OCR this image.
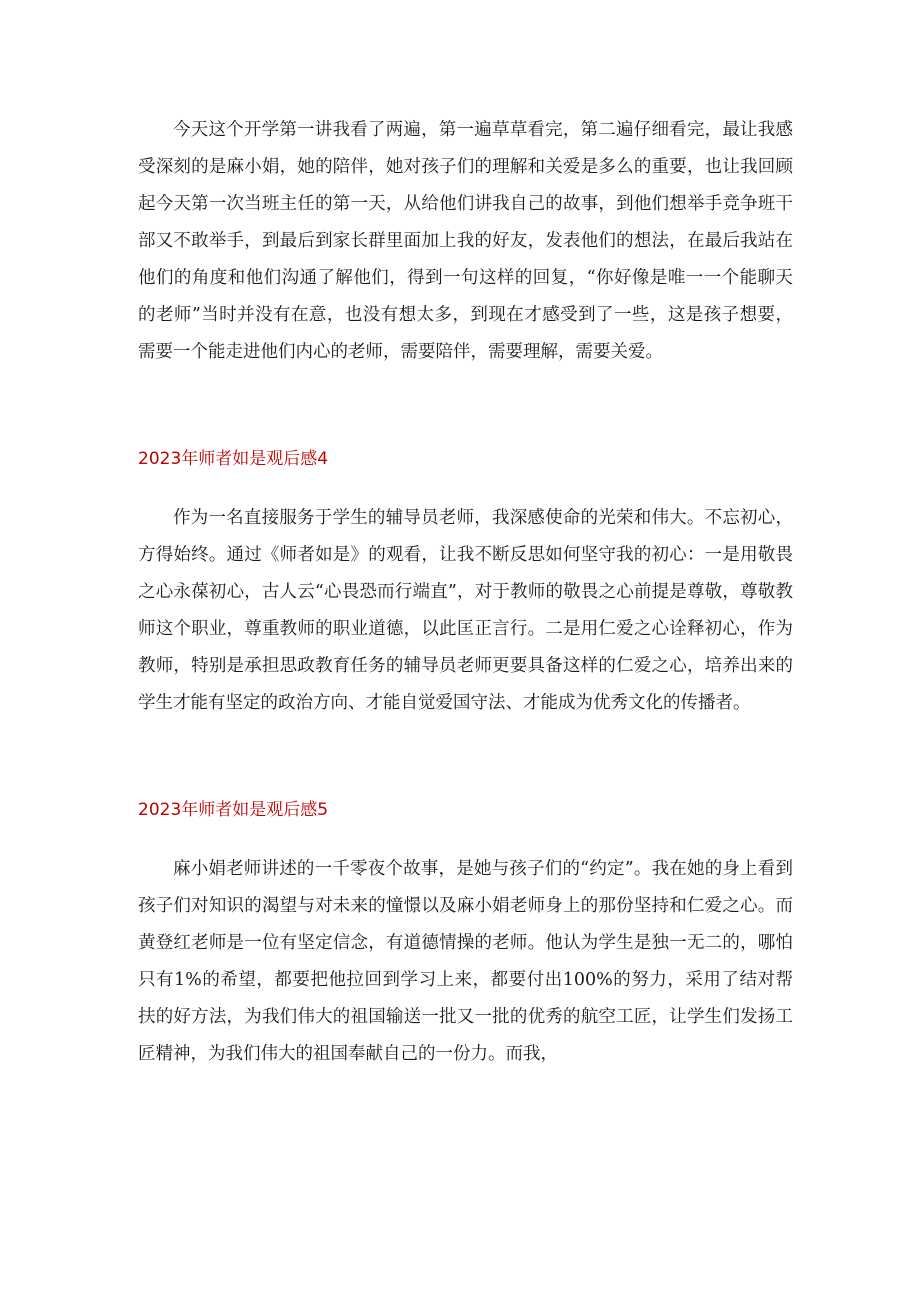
今天这个开学第一讲我看了两遍，第一遍草草看完，第二遍仔细看完，最让我感受深刻的是麻小娟，她的陪伴，她对孩子们的理解和关爱是多么的重要，也让我回顾起今天第一次当班主任的第一天，从给他们讲我自己的故事，到他们想举手竞争班干部又不敢举手，到最后到家长群里面加上我的好友，发表他们的想法，在最后我站在他们的角度和他们沟通了解他们，得到一句这样的回复，“你好像是唯一一个能聊天的老师”当时并没有在意，也没有想太多，到现在才感受到了一些，这是孩子想要，需要一个能走进他们内心的老师，需要陪伴，需要理解，需要关爱。

2023年师者如是观后感4

作为一名直接服务于学生的辅导员老师，我深感使命的光荣和伟大。不忘初心，方得始终。通过《师者如是》的观看，让我不断反思如何坚守我的初心：一是用敬畏之心永葆初心，古人云“心畏恐而行端直”，对于教师的敬畏之心前提是尊敬，尊敬教师这个职业，尊重教师的职业道德，以此匡正言行。二是用仁爱之心诠释初心，作为教师，特别是承担思政教育任务的辅导员老师更要具备这样的仁爱之心，培养出来的学生才能有坚定的政治方向、才能自觉爱国守法、才能成为优秀文化的传播者。

2023年师者如是观后感5

麻小娟老师讲述的一千零夜个故事，是她与孩子们的“约定”。我在她的身上看到孩子们对知识的渴望与对未来的憧憬以及麻小娟老师身上的那份坚持和仁爱之心。而黄登红老师是一位有坚定信念，有道德情操的老师。他认为学生是独一无二的，哪怕只有1%的希望，都要把他拉回到学习上来，都要付出100%的努力，采用了结对帮扶的好方法，为我们伟大的祖国输送一批又一批的优秀的航空工匠，让学生们发扬工匠精神，为我们伟大的祖国奉献自己的一份力。而我，
